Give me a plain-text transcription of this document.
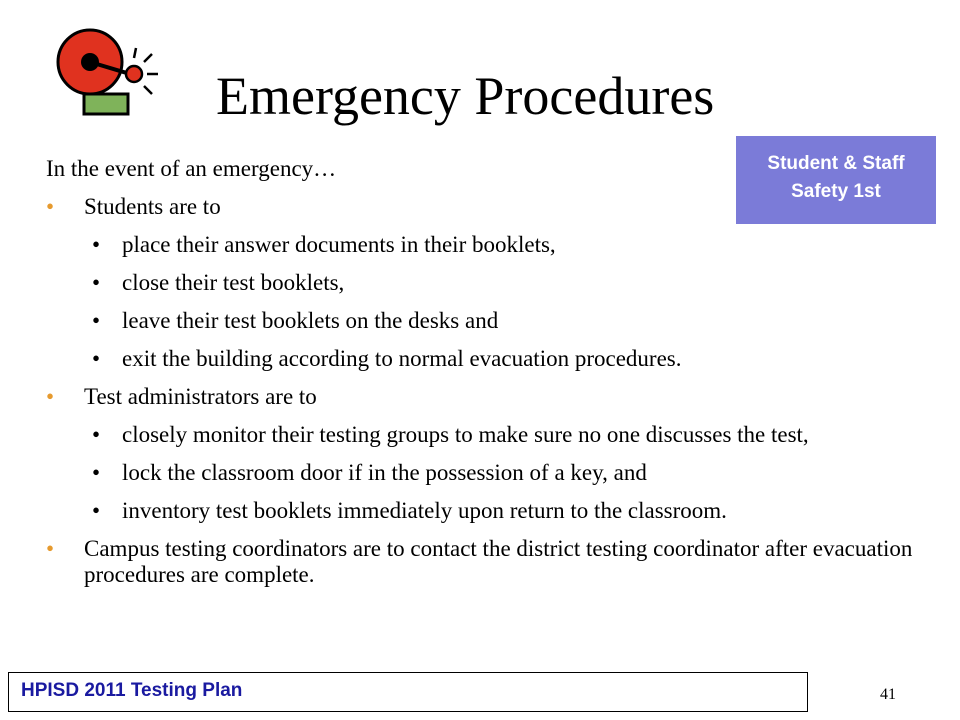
Emergency Procedures
Student & Staff
Safety 1st

In the event of an emergency…

• Students are to
• place their answer documents in their booklets,
• close their test booklets,
• leave their test booklets on the desks and
• exit the building according to normal evacuation procedures.
• Test administrators are to
• closely monitor their testing groups to make sure no one discusses the test,
• lock the classroom door if in the possession of a key, and
• inventory test booklets immediately upon return to the classroom.
• Campus testing coordinators are to contact the district testing coordinator after evacuation procedures are complete.
HPISD 2011 Testing Plan	41
